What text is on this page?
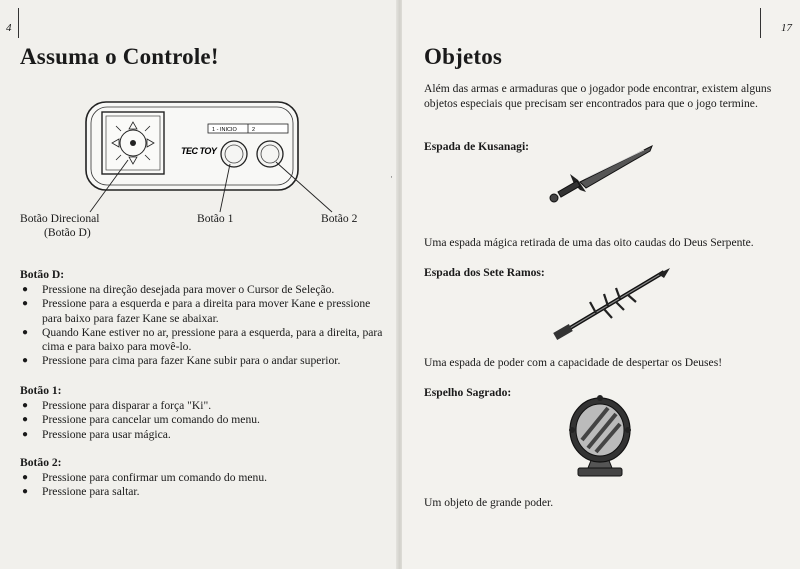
4
Assuma o Controle!
1 - INICIO	2
TEC TOY
Botão Direcional
(Botão D)
Botão 1	Botão 2
Botão D:
● Pressione na direção desejada para mover o Cursor de Seleção.
● Pressione para a esquerda e para a direita para mover Kane e pressione para baixo para fazer Kane se abaixar.
● Quando Kane estiver no ar, pressione para a esquerda, para a direita, para cima e para baixo para movê-lo.
● Pressione para cima para fazer Kane subir para o andar superior.
Botão 1:
● Pressione para disparar a força "Ki".
● Pressione para cancelar um comando do menu.
● Pressione para usar mágica.
Botão 2:
● Pressione para confirmar um comando do menu.
● Pressione para saltar.
17
Objetos
Além das armas e armaduras que o jogador pode encontrar, existem alguns objetos especiais que precisam ser encontrados para que o jogo termine.
Espada de Kusanagi:
Uma espada mágica retirada de uma das oito caudas do Deus Serpente.
Espada dos Sete Ramos:
Uma espada de poder com a capacidade de despertar os Deuses!
Espelho Sagrado:
Um objeto de grande poder.
·
